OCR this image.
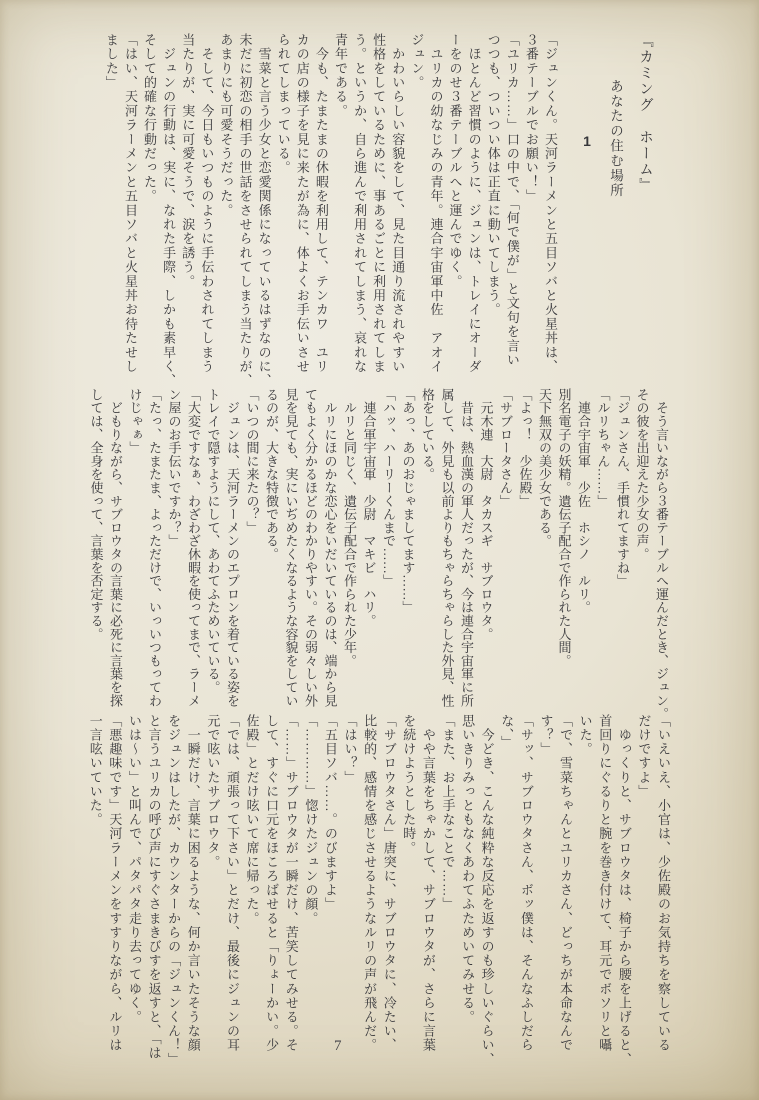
『カミング　ホーム』

あなたの住む場所

1

「ジュンくん。天河ラーメンと五目ソバと火星丼は、

３番テーブルでお願い！」

「ユリカ……」口の中で、「何で僕が」と文句を言い

つつも、ついつい体は正直に動いてしまう。

　ほとんど習慣のように、ジュンは、トレイにオーダ

ーをのせ３番テーブルへと運んでゆく。

　ユリカの幼なじみの青年。連合宇宙軍中佐　アオイ

ジュン。

　かわいらしい容貌をして、見た目通り流されやすい

性格をしているために、事あるごとに利用されてしま

う。というか、自ら進んで利用されてしまう、哀れな

青年である。

　今も、たまたまの休暇を利用して、テンカワ　ユリ

カの店の様子を見に来たが為に、体よくお手伝いさせ

られてしまっている。

　雪菜と言う少女と恋愛関係になっているはずなのに、

未だに初恋の相手の世話をさせられてしまう当たりが、

あまりにも可愛そうだった。

　そして、今日もいつものように手伝わされてしまう

当たりが、実に可愛そうで、涙を誘う。

　ジュンの行動は、実に、なれた手際、しかも素早く、

そして的確な行動だった。

「はい、天河ラーメンと五目ソバと火星丼お待たせし

ました」

　そう言いながら３番テーブルへ運んだとき、ジュン。

その彼を出迎えた少女の声。

「ジュンさん、手慣れてますね」

「ルリちゃん……」

　連合宇宙軍　少佐　ホシノ　ルリ。

別名電子の妖精。遺伝子配合で作られた人間。

天下無双の美少女である。

「よっ！　少佐殿」

「サブロータさん」

　元木連　大尉　タカスギ　サブロウタ。

　昔は、熱血漢の軍人だったが、今は連合宇宙軍に所

属して、外見も以前よりもちゃらちゃらした外見、性

格をしている。

「あっ、あのおじゃましてます……」

「ハッ、ハーリーくんまで……」

　連合軍宇宙軍　少尉　マキビ　ハリ。

　ルリと同じく、遺伝子配合で作られた少年。

　ルリにほのかな恋心をいだいているのは、端から見

てもよく分かるほどのわかりやすい。その弱々しい外

見を見ても、実にいぢめたくなるような容貌をしてい

るのが、大きな特徴である。

「いつの間に来たの？」

　ジュンは、天河ラーメンのエプロンを着ている姿を

トレイで隠すようにして、あわてふためいている。

「大変ですなぁ、わざわざ休暇を使ってまで、ラーメ

ン屋のお手伝いですか？」

「たっ、たまたま、よっただけで、いっいつもってわ

けじゃぁ」

　どもりながら、サブロウタの言葉に必死に言葉を探

しては、全身を使って、言葉を否定する。

「いえいえ、小官は、少佐殿のお気持ちを察している

だけですよ」

　ゆっくりと、サブロウタは、椅子から腰を上げると、

首回りにぐるりと腕を巻き付けて、耳元でボソリと囁

いた。

「で、雪菜ちゃんとユリカさん、どっちが本命なんで

す？」

「サッ、サブロウタさん、ボッ僕は、そんなふしだら

な、」

　今どき、こんな純粋な反応を返すのも珍しいぐらい、

思いきりみっともなくあわてふためいてみせる。

「また、お上手なことで……」

　やや言葉をちゃかして、サブロウタが、さらに言葉

を続けようとした時。

「サブロウタさん」唐突に、サブロウタに、冷たい、

比較的、感情を感じさせるようなルリの声が飛んだ。

「はい？」

「五目ソバ……。のびますよ」

「…………」惚けたジュンの顔。

「……」サブロウタが一瞬だけ、苦笑してみせる。そ

して、すぐに口元をほころばせると「りょーかい。少

佐殿」とだけ呟いて席に帰った。

「では、頑張って下さい」とだけ、最後にジュンの耳

元で呟いたサブロウタ。

　一瞬だけ、言葉に困るような、何か言いたそうな顔

をジュンはしたが、カウンターからの「ジュンくん！」

と言うユリカの呼び声にすぐさまきびすを返すと、「は

いは〜い」と叫んで、パタパタ走り去ってゆく。

「悪趣味です」天河ラーメンをすすりながら、ルリは

一言呟いていた。

7
